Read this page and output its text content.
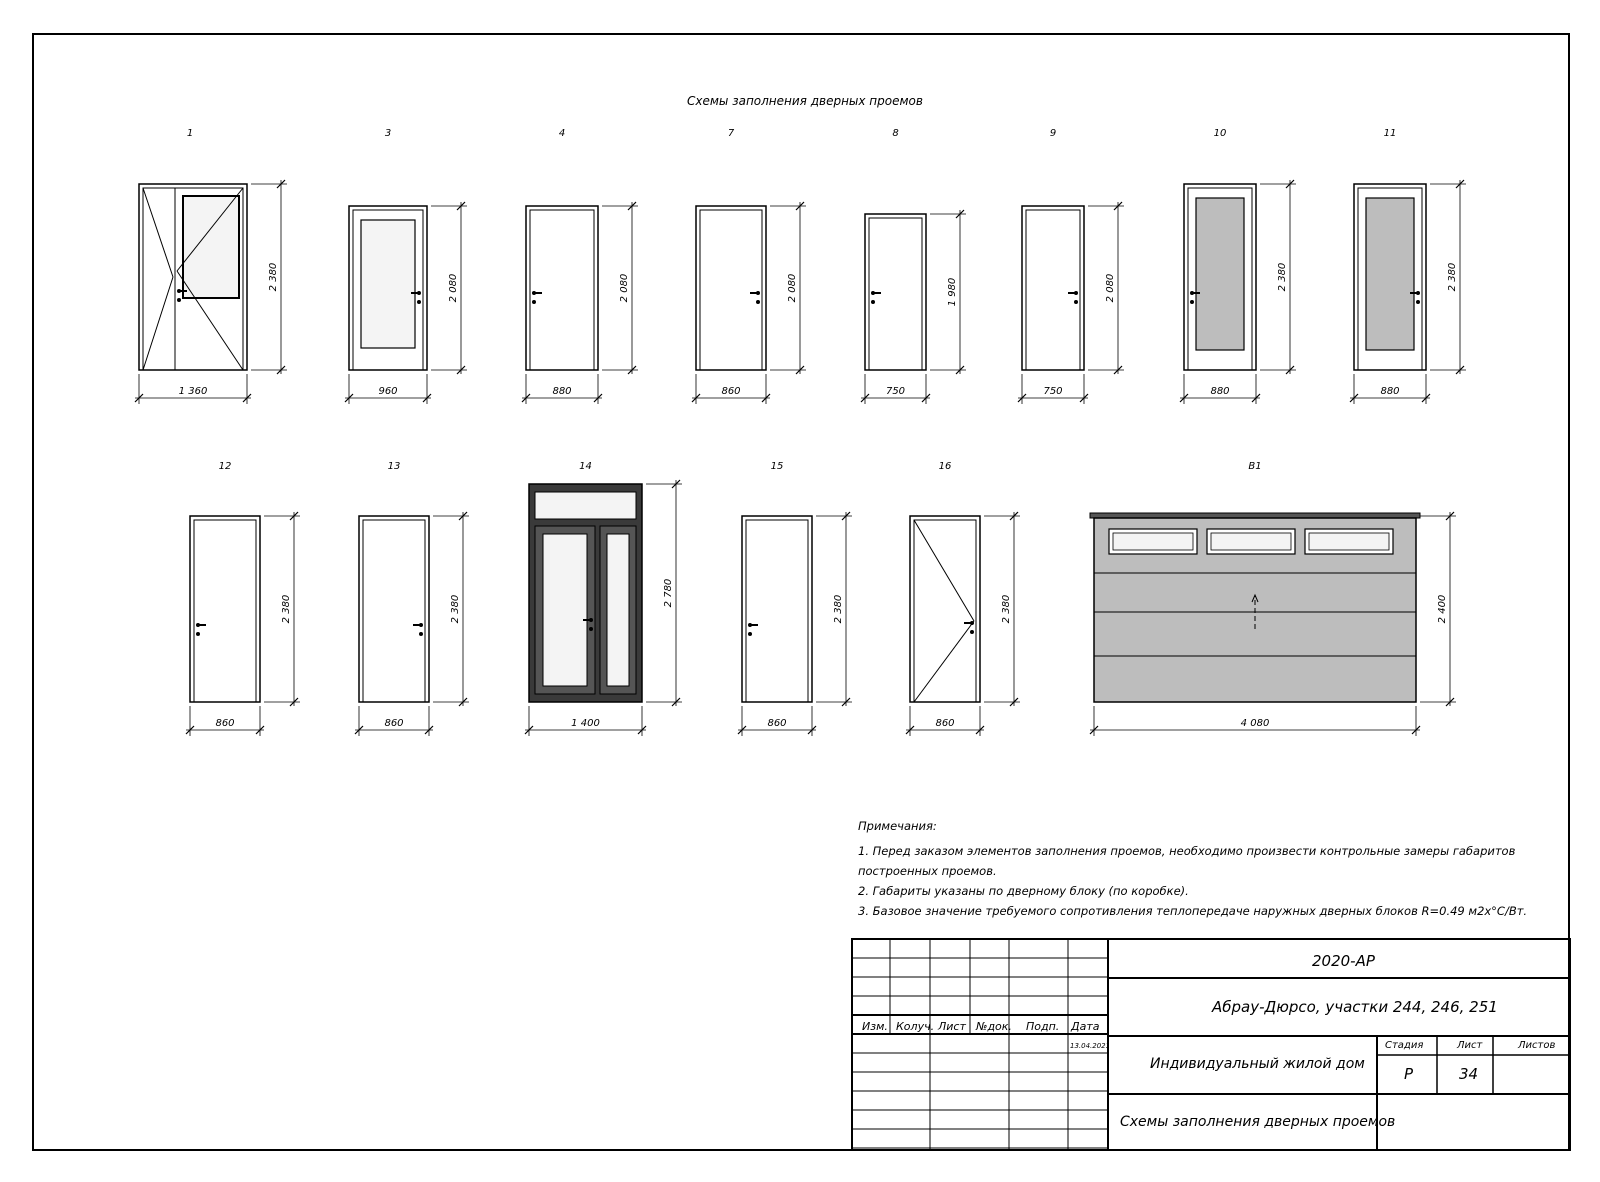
1
1 360
2 380
3
960
2 080
4
880
2 080
7
860
2 080
8
750
1 980
9
750
2 080
10
880
2 380
11
880
2 380
12
860
2 380
13
860
2 380
14
1 400
2 780
15
860
2 380
16
860
2 380
B1
4 080
2 400
Схемы заполнения дверных проемов
Примечания:
1. Перед заказом элементов заполнения проемов, необходимо произвести контрольные замеры габаритов построенных проемов.
2. Габариты указаны по дверному блоку (по коробке).
3. Базовое значение требуемого сопротивления теплопередаче наружных дверных блоков R=0.49 м2х°С/Вт.
2020-АР
Абрау-Дюрсо, участки 244, 246, 251
Индивидуальный жилой дом
Схемы заполнения дверных проемов
Изм. Колуч. Лист №док. Подп. Дата
13.04.2021	Стадия	Лист	Листов
Р	34
